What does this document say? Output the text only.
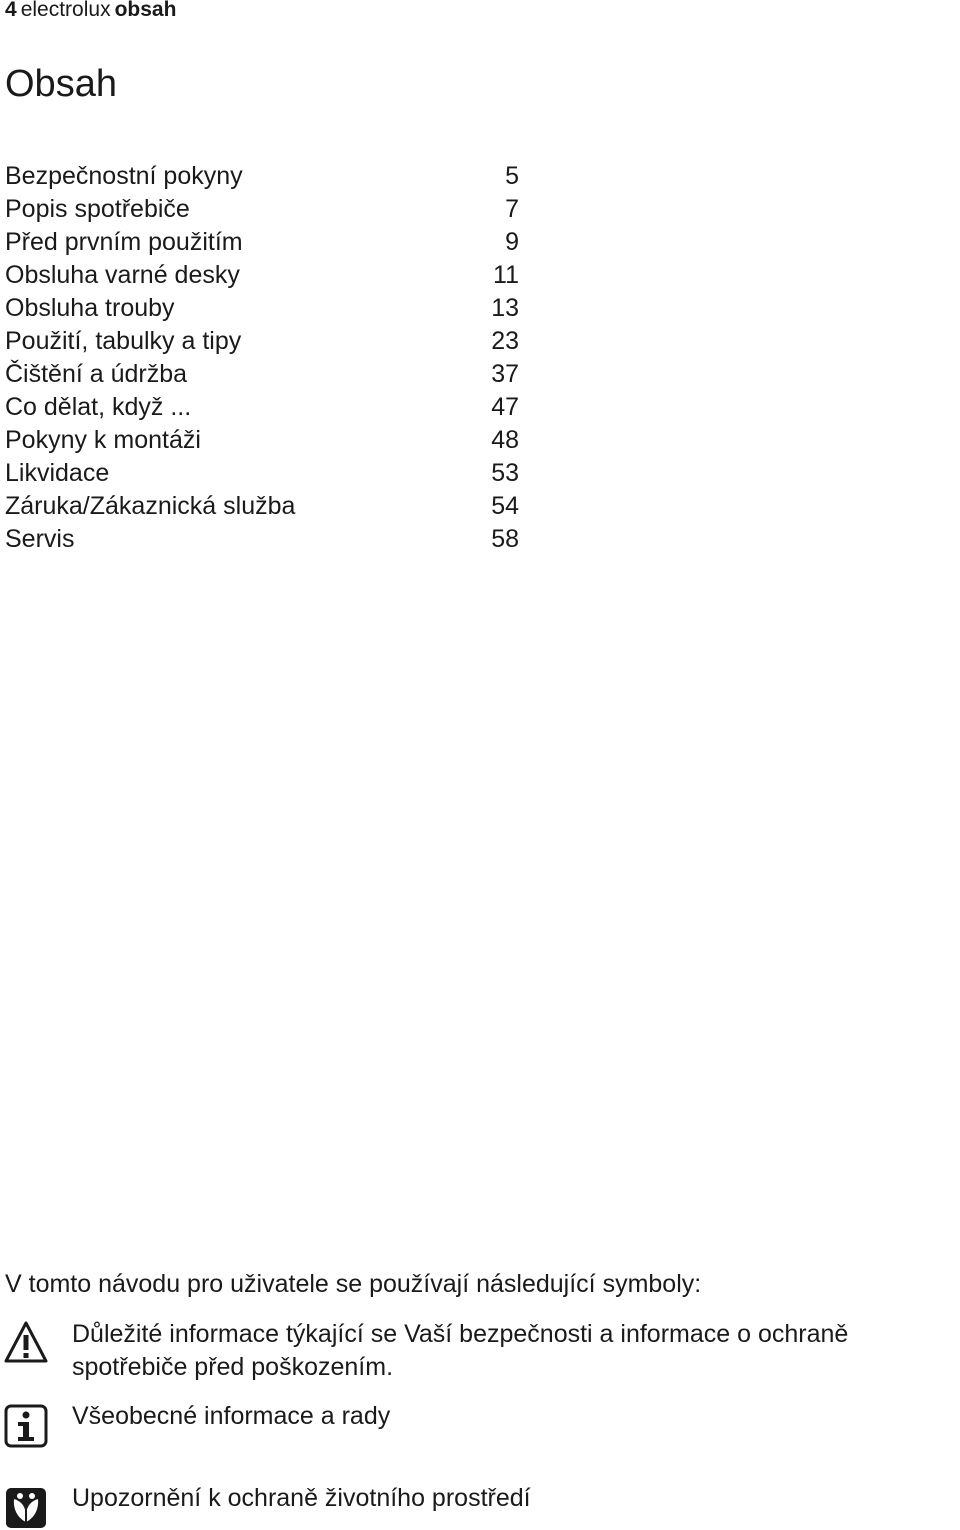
4 electrolux obsah
Obsah
Bezpečnostní pokyny	5
Popis spotřebiče	7
Před prvním použitím	9
Obsluha varné desky	11
Obsluha trouby	13
Použití, tabulky a tipy	23
Čištění a údržba	37
Co dělat, když ...	47
Pokyny k montáži	48
Likvidace	53
Záruka/Zákaznická služba	54
Servis	58
V tomto návodu pro uživatele se používají následující symboly:
Důležité informace týkající se Vaší bezpečnosti a informace o ochraně
spotřebiče před poškozením.
Všeobecné informace a rady
Upozornění k ochraně životního prostředí
